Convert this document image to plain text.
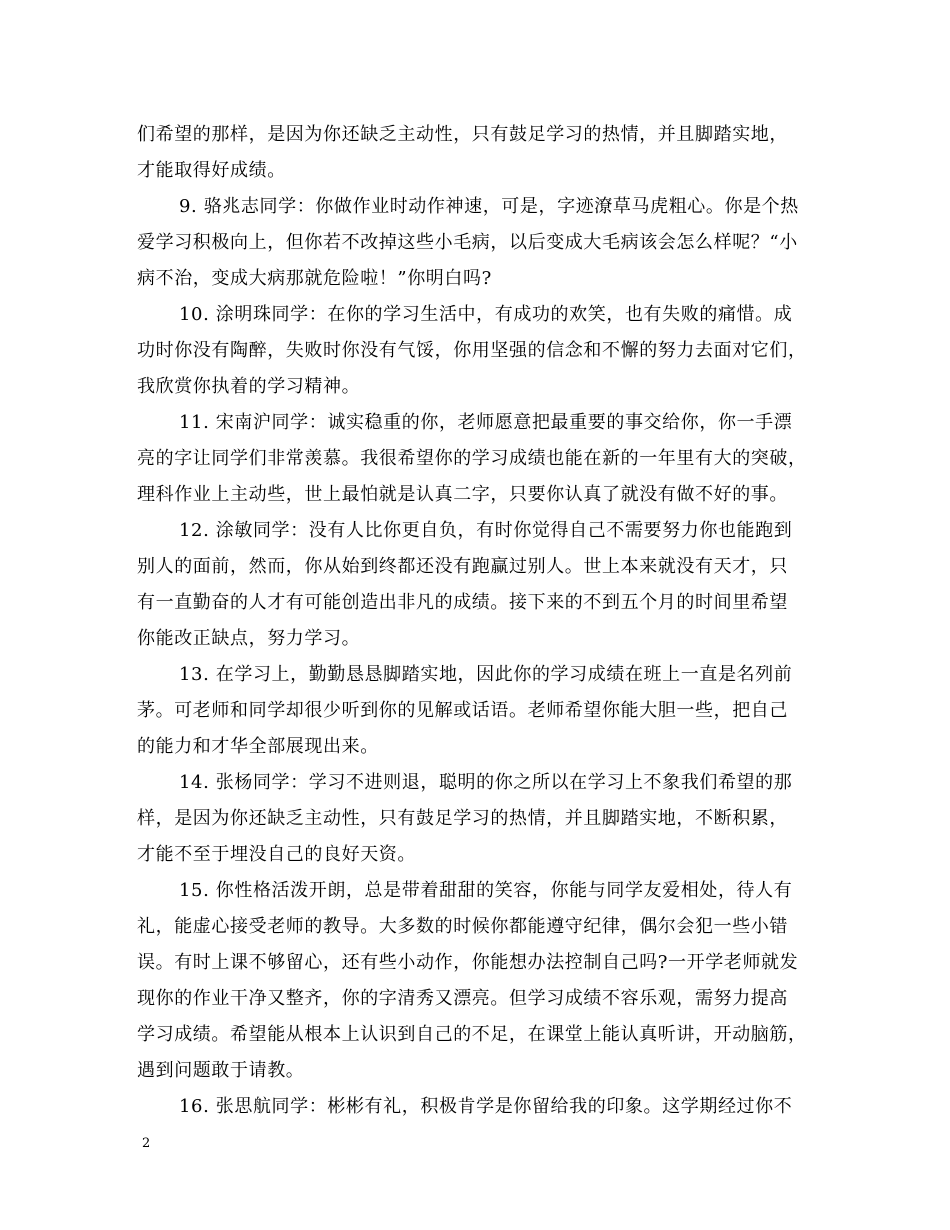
们希望的那样，是因为你还缺乏主动性，只有鼓足学习的热情，并且脚踏实地，
才能取得好成绩。
9. 骆兆志同学：你做作业时动作神速，可是，字迹潦草马虎粗心。你是个热
爱学习积极向上，但你若不改掉这些小毛病，以后变成大毛病该会怎么样呢？“小
病不治，变成大病那就危险啦！”你明白吗?
10. 涂明珠同学：在你的学习生活中，有成功的欢笑，也有失败的痛惜。成
功时你没有陶醉，失败时你没有气馁，你用坚强的信念和不懈的努力去面对它们，
我欣赏你执着的学习精神。
11. 宋南沪同学：诚实稳重的你，老师愿意把最重要的事交给你，你一手漂
亮的字让同学们非常羡慕。我很希望你的学习成绩也能在新的一年里有大的突破，
理科作业上主动些，世上最怕就是认真二字，只要你认真了就没有做不好的事。
12. 涂敏同学：没有人比你更自负，有时你觉得自己不需要努力你也能跑到
别人的面前，然而，你从始到终都还没有跑赢过别人。世上本来就没有天才，只
有一直勤奋的人才有可能创造出非凡的成绩。接下来的不到五个月的时间里希望
你能改正缺点，努力学习。
13. 在学习上，勤勤恳恳脚踏实地，因此你的学习成绩在班上一直是名列前
茅。可老师和同学却很少听到你的见解或话语。老师希望你能大胆一些，把自己
的能力和才华全部展现出来。
14. 张杨同学：学习不进则退，聪明的你之所以在学习上不象我们希望的那
样，是因为你还缺乏主动性，只有鼓足学习的热情，并且脚踏实地，不断积累，
才能不至于埋没自己的良好天资。
15. 你性格活泼开朗，总是带着甜甜的笑容，你能与同学友爱相处，待人有
礼，能虚心接受老师的教导。大多数的时候你都能遵守纪律，偶尔会犯一些小错
误。有时上课不够留心，还有些小动作，你能想办法控制自己吗?一开学老师就发
现你的作业干净又整齐，你的字清秀又漂亮。但学习成绩不容乐观，需努力提高
学习成绩。希望能从根本上认识到自己的不足，在课堂上能认真听讲，开动脑筋，
遇到问题敢于请教。
16. 张思航同学：彬彬有礼，积极肯学是你留给我的印象。这学期经过你不
2
